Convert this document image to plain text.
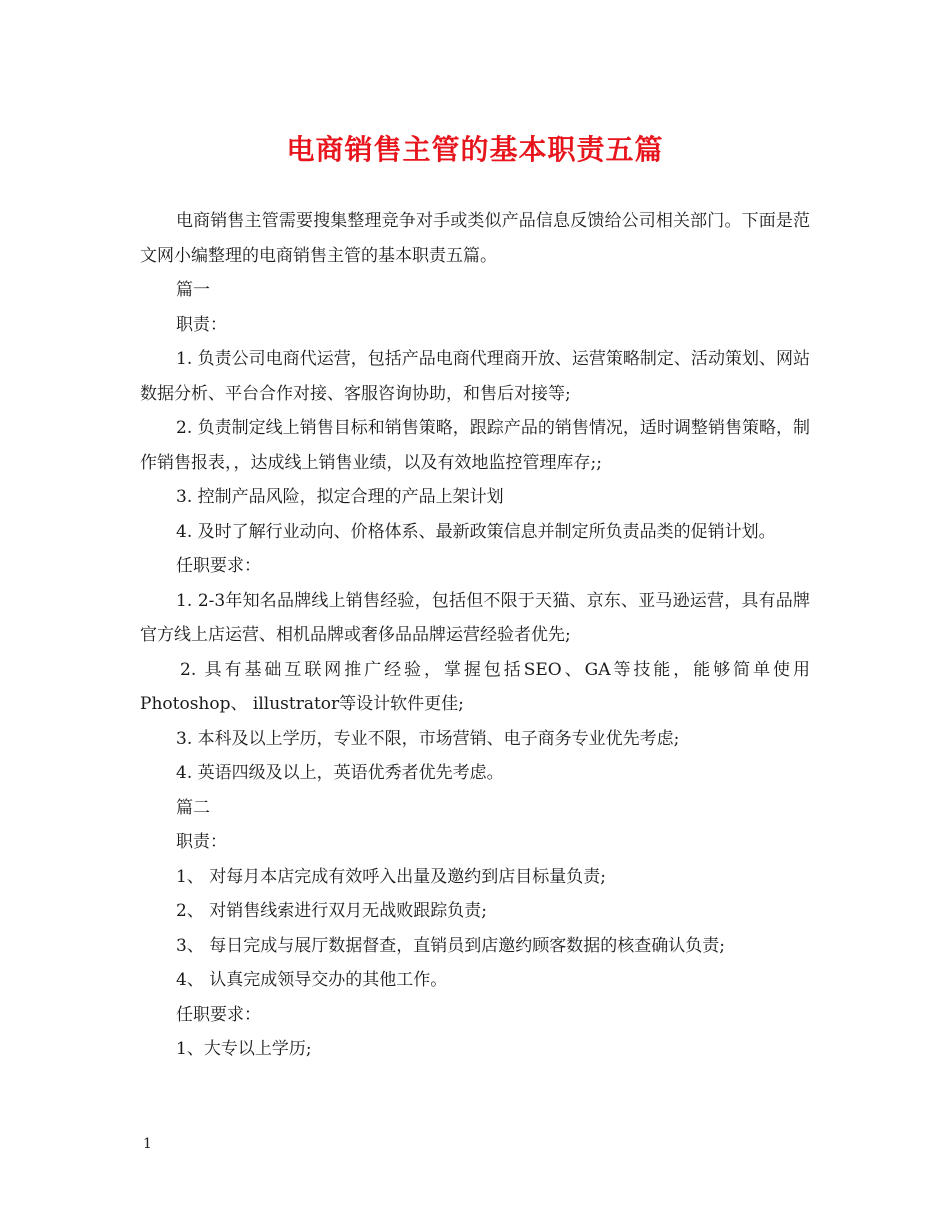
电商销售主管的基本职责五篇

电商销售主管需要搜集整理竞争对手或类似产品信息反馈给公司相关部门。下面是范文网小编整理的电商销售主管的基本职责五篇。

篇一

职责：

1. 负责公司电商代运营，包括产品电商代理商开放、运营策略制定、活动策划、网站数据分析、平台合作对接、客服咨询协助，和售后对接等;

2. 负责制定线上销售目标和销售策略，跟踪产品的销售情况，适时调整销售策略，制作销售报表，，达成线上销售业绩，以及有效地监控管理库存;;

3. 控制产品风险，拟定合理的产品上架计划

4. 及时了解行业动向、价格体系、最新政策信息并制定所负责品类的促销计划。

任职要求：

1. 2-3年知名品牌线上销售经验，包括但不限于天猫、京东、亚马逊运营，具有品牌官方线上店运营、相机品牌或奢侈品品牌运营经验者优先;

2. 具有基础互联网推广经验，掌握包括SEO、GA等技能，能够简单使用Photoshop、 illustrator等设计软件更佳;

3. 本科及以上学历，专业不限，市场营销、电子商务专业优先考虑;

4. 英语四级及以上，英语优秀者优先考虑。

篇二

职责：

1、 对每月本店完成有效呼入出量及邀约到店目标量负责;

2、 对销售线索进行双月无战败跟踪负责;

3、 每日完成与展厅数据督查，直销员到店邀约顾客数据的核查确认负责;

4、 认真完成领导交办的其他工作。

任职要求：

1、大专以上学历;

1
